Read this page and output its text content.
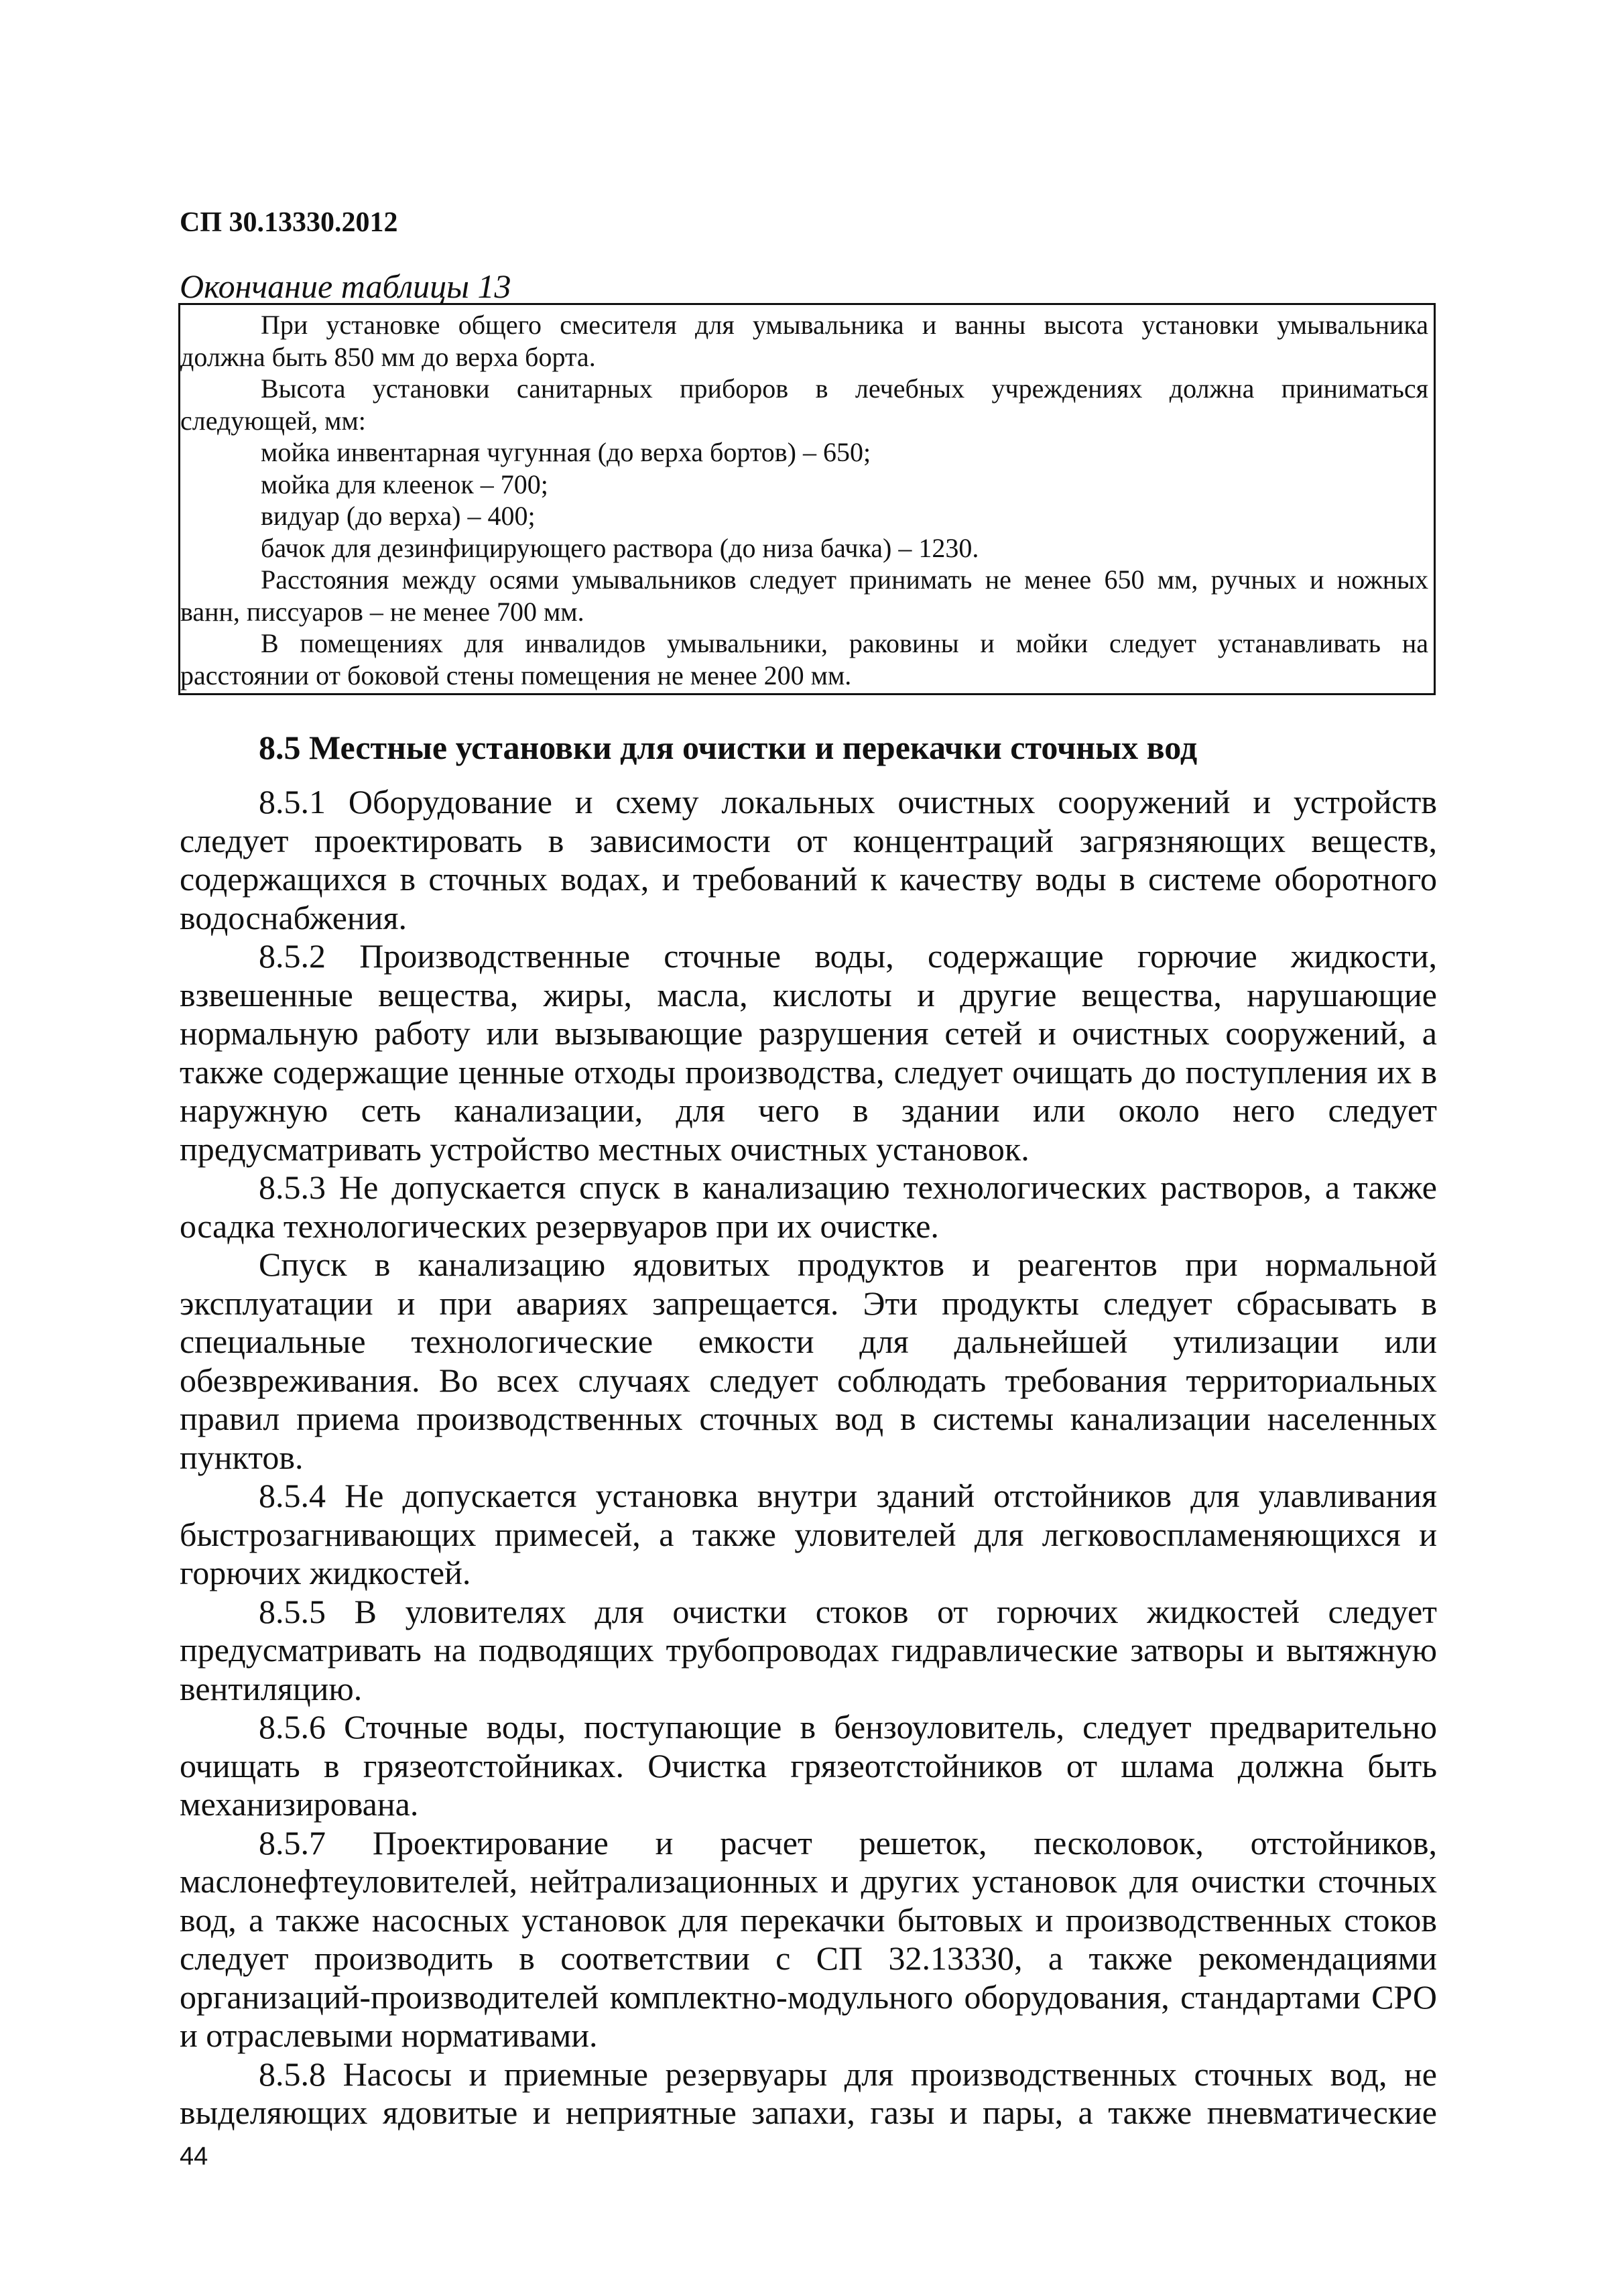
СП 30.13330.2012

Окончание таблицы 13

При установке общего смесителя для умывальника и ванны высота установки умывальника

должна быть 850 мм до верха борта.

Высота установки санитарных приборов в лечебных учреждениях должна приниматься

следующей, мм:

мойка инвентарная чугунная (до верха бортов) – 650;

мойка для клеенок – 700;

видуар (до верха) – 400;

бачок для дезинфицирующего раствора (до низа бачка) – 1230.

Расстояния между осями умывальников следует принимать не менее 650 мм, ручных и ножных

ванн, писсуаров – не менее 700 мм.

В помещениях для инвалидов умывальники, раковины и мойки следует устанавливать на

расстоянии от боковой стены помещения не менее 200 мм.

8.5 Местные установки для очистки и перекачки сточных вод

8.5.1 Оборудование и схему локальных очистных сооружений и устройств следует проектировать в зависимости от концентраций загрязняющих веществ, содержащихся в сточных водах, и требований к качеству воды в системе оборотного водоснабжения.

8.5.2 Производственные сточные воды, содержащие горючие жидкости, взвешенные вещества, жиры, масла, кислоты и другие вещества, нарушающие нормальную работу или вызывающие разрушения сетей и очистных сооружений, а также содержащие ценные отходы производства, следует очищать до поступления их в наружную сеть канализации, для чего в здании или около него следует предусматривать устройство местных очистных установок.

8.5.3 Не допускается спуск в канализацию технологических растворов, а также осадка технологических резервуаров при их очистке.

Спуск в канализацию ядовитых продуктов и реагентов при нормальной эксплуатации и при авариях запрещается. Эти продукты следует сбрасывать в специальные технологические емкости для дальнейшей утилизации или обезвреживания. Во всех случаях следует соблюдать требования территориальных правил приема производственных сточных вод в системы канализации населенных пунктов.

8.5.4 Не допускается установка внутри зданий отстойников для улавливания быстрозагнивающих примесей, а также уловителей для легковоспламеняющихся и горючих жидкостей.

8.5.5 В уловителях для очистки стоков от горючих жидкостей следует предусматривать на подводящих трубопроводах гидравлические затворы и вытяжную вентиляцию.

8.5.6 Сточные воды, поступающие в бензоуловитель, следует предварительно очищать в грязеотстойниках. Очистка грязеотстойников от шлама должна быть механизирована.

8.5.7 Проектирование и расчет решеток, песколовок, отстойников, маслонефтеуловителей, нейтрализационных и других установок для очистки сточных вод, а также насосных установок для перекачки бытовых и производственных стоков следует производить в соответствии с СП 32.13330, а также рекомендациями организаций-производителей комплектно-модульного оборудования, стандартами СРО и отраслевыми нормативами.

8.5.8 Насосы и приемные резервуары для производственных сточных вод, не выделяющих ядовитые и неприятные запахи, газы и пары, а также пневматические

44
